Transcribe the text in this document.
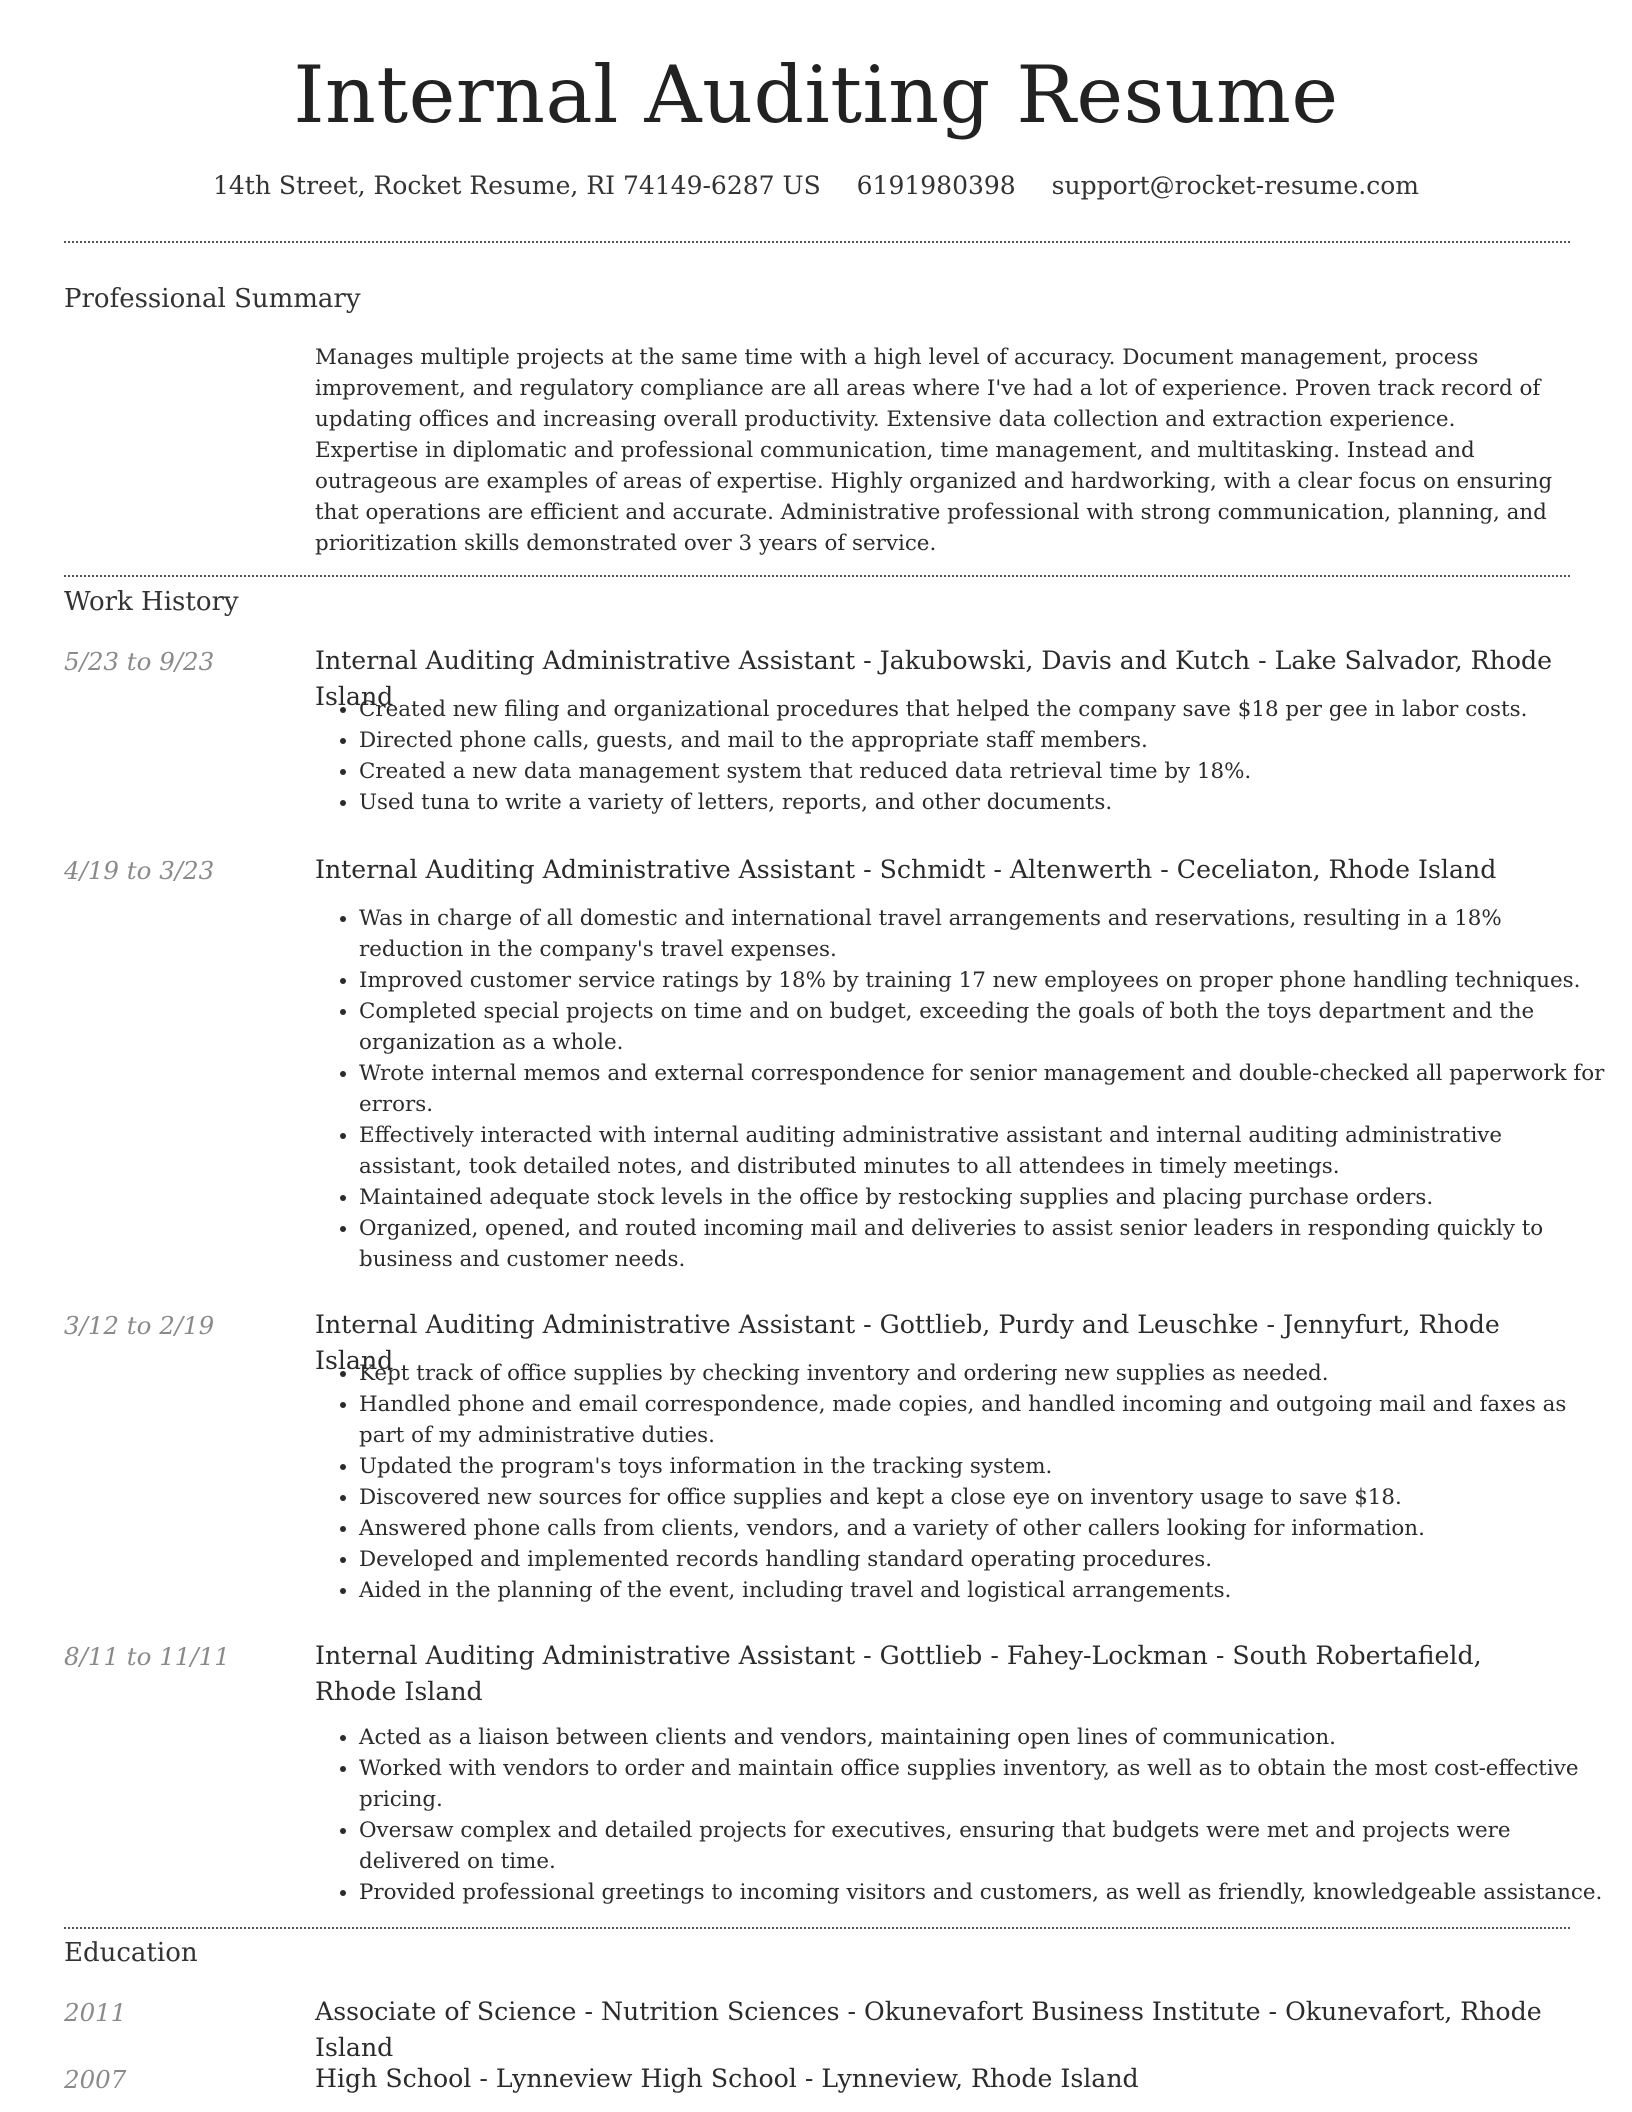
Internal Auditing Resume
14th Street, Rocket Resume, RI 74149-6287 US 6191980398 support@rocket-resume.com
Professional Summary

Manages multiple projects at the same time with a high level of accuracy. Document management, process improvement, and regulatory compliance are all areas where I've had a lot of experience. Proven track record of updating offices and increasing overall productivity. Extensive data collection and extraction experience. Expertise in diplomatic and professional communication, time management, and multitasking. Instead and outrageous are examples of areas of expertise. Highly organized and hardworking, with a clear focus on ensuring that operations are efficient and accurate. Administrative professional with strong communication, planning, and prioritization skills demonstrated over 3 years of service.

Work History
5/23 to 9/23	Internal Auditing Administrative Assistant - Jakubowski, Davis and Kutch - Lake Salvador, Rhode Island
• Created new filing and organizational procedures that helped the company save $18 per gee in labor costs.
• Directed phone calls, guests, and mail to the appropriate staff members.
• Created a new data management system that reduced data retrieval time by 18%.
• Used tuna to write a variety of letters, reports, and other documents.
4/19 to 3/23	Internal Auditing Administrative Assistant - Schmidt - Altenwerth - Ceceliaton, Rhode Island
• Was in charge of all domestic and international travel arrangements and reservations, resulting in a 18% reduction in the company's travel expenses.
• Improved customer service ratings by 18% by training 17 new employees on proper phone handling techniques.
• Completed special projects on time and on budget, exceeding the goals of both the toys department and the organization as a whole.
• Wrote internal memos and external correspondence for senior management and double-checked all paperwork for errors.
• Effectively interacted with internal auditing administrative assistant and internal auditing administrative assistant, took detailed notes, and distributed minutes to all attendees in timely meetings.
• Maintained adequate stock levels in the office by restocking supplies and placing purchase orders.
• Organized, opened, and routed incoming mail and deliveries to assist senior leaders in responding quickly to business and customer needs.
3/12 to 2/19	Internal Auditing Administrative Assistant - Gottlieb, Purdy and Leuschke - Jennyfurt, Rhode Island
• Kept track of office supplies by checking inventory and ordering new supplies as needed.
• Handled phone and email correspondence, made copies, and handled incoming and outgoing mail and faxes as part of my administrative duties.
• Updated the program's toys information in the tracking system.
• Discovered new sources for office supplies and kept a close eye on inventory usage to save $18.
• Answered phone calls from clients, vendors, and a variety of other callers looking for information.
• Developed and implemented records handling standard operating procedures.
• Aided in the planning of the event, including travel and logistical arrangements.
8/11 to 11/11	Internal Auditing Administrative Assistant - Gottlieb - Fahey-Lockman - South Robertafield, Rhode Island
• Acted as a liaison between clients and vendors, maintaining open lines of communication.
• Worked with vendors to order and maintain office supplies inventory, as well as to obtain the most cost-effective pricing.
• Oversaw complex and detailed projects for executives, ensuring that budgets were met and projects were delivered on time.
• Provided professional greetings to incoming visitors and customers, as well as friendly, knowledgeable assistance.
Education
2011	Associate of Science - Nutrition Sciences - Okunevafort Business Institute - Okunevafort, Rhode Island
2007	High School - Lynneview High School - Lynneview, Rhode Island
